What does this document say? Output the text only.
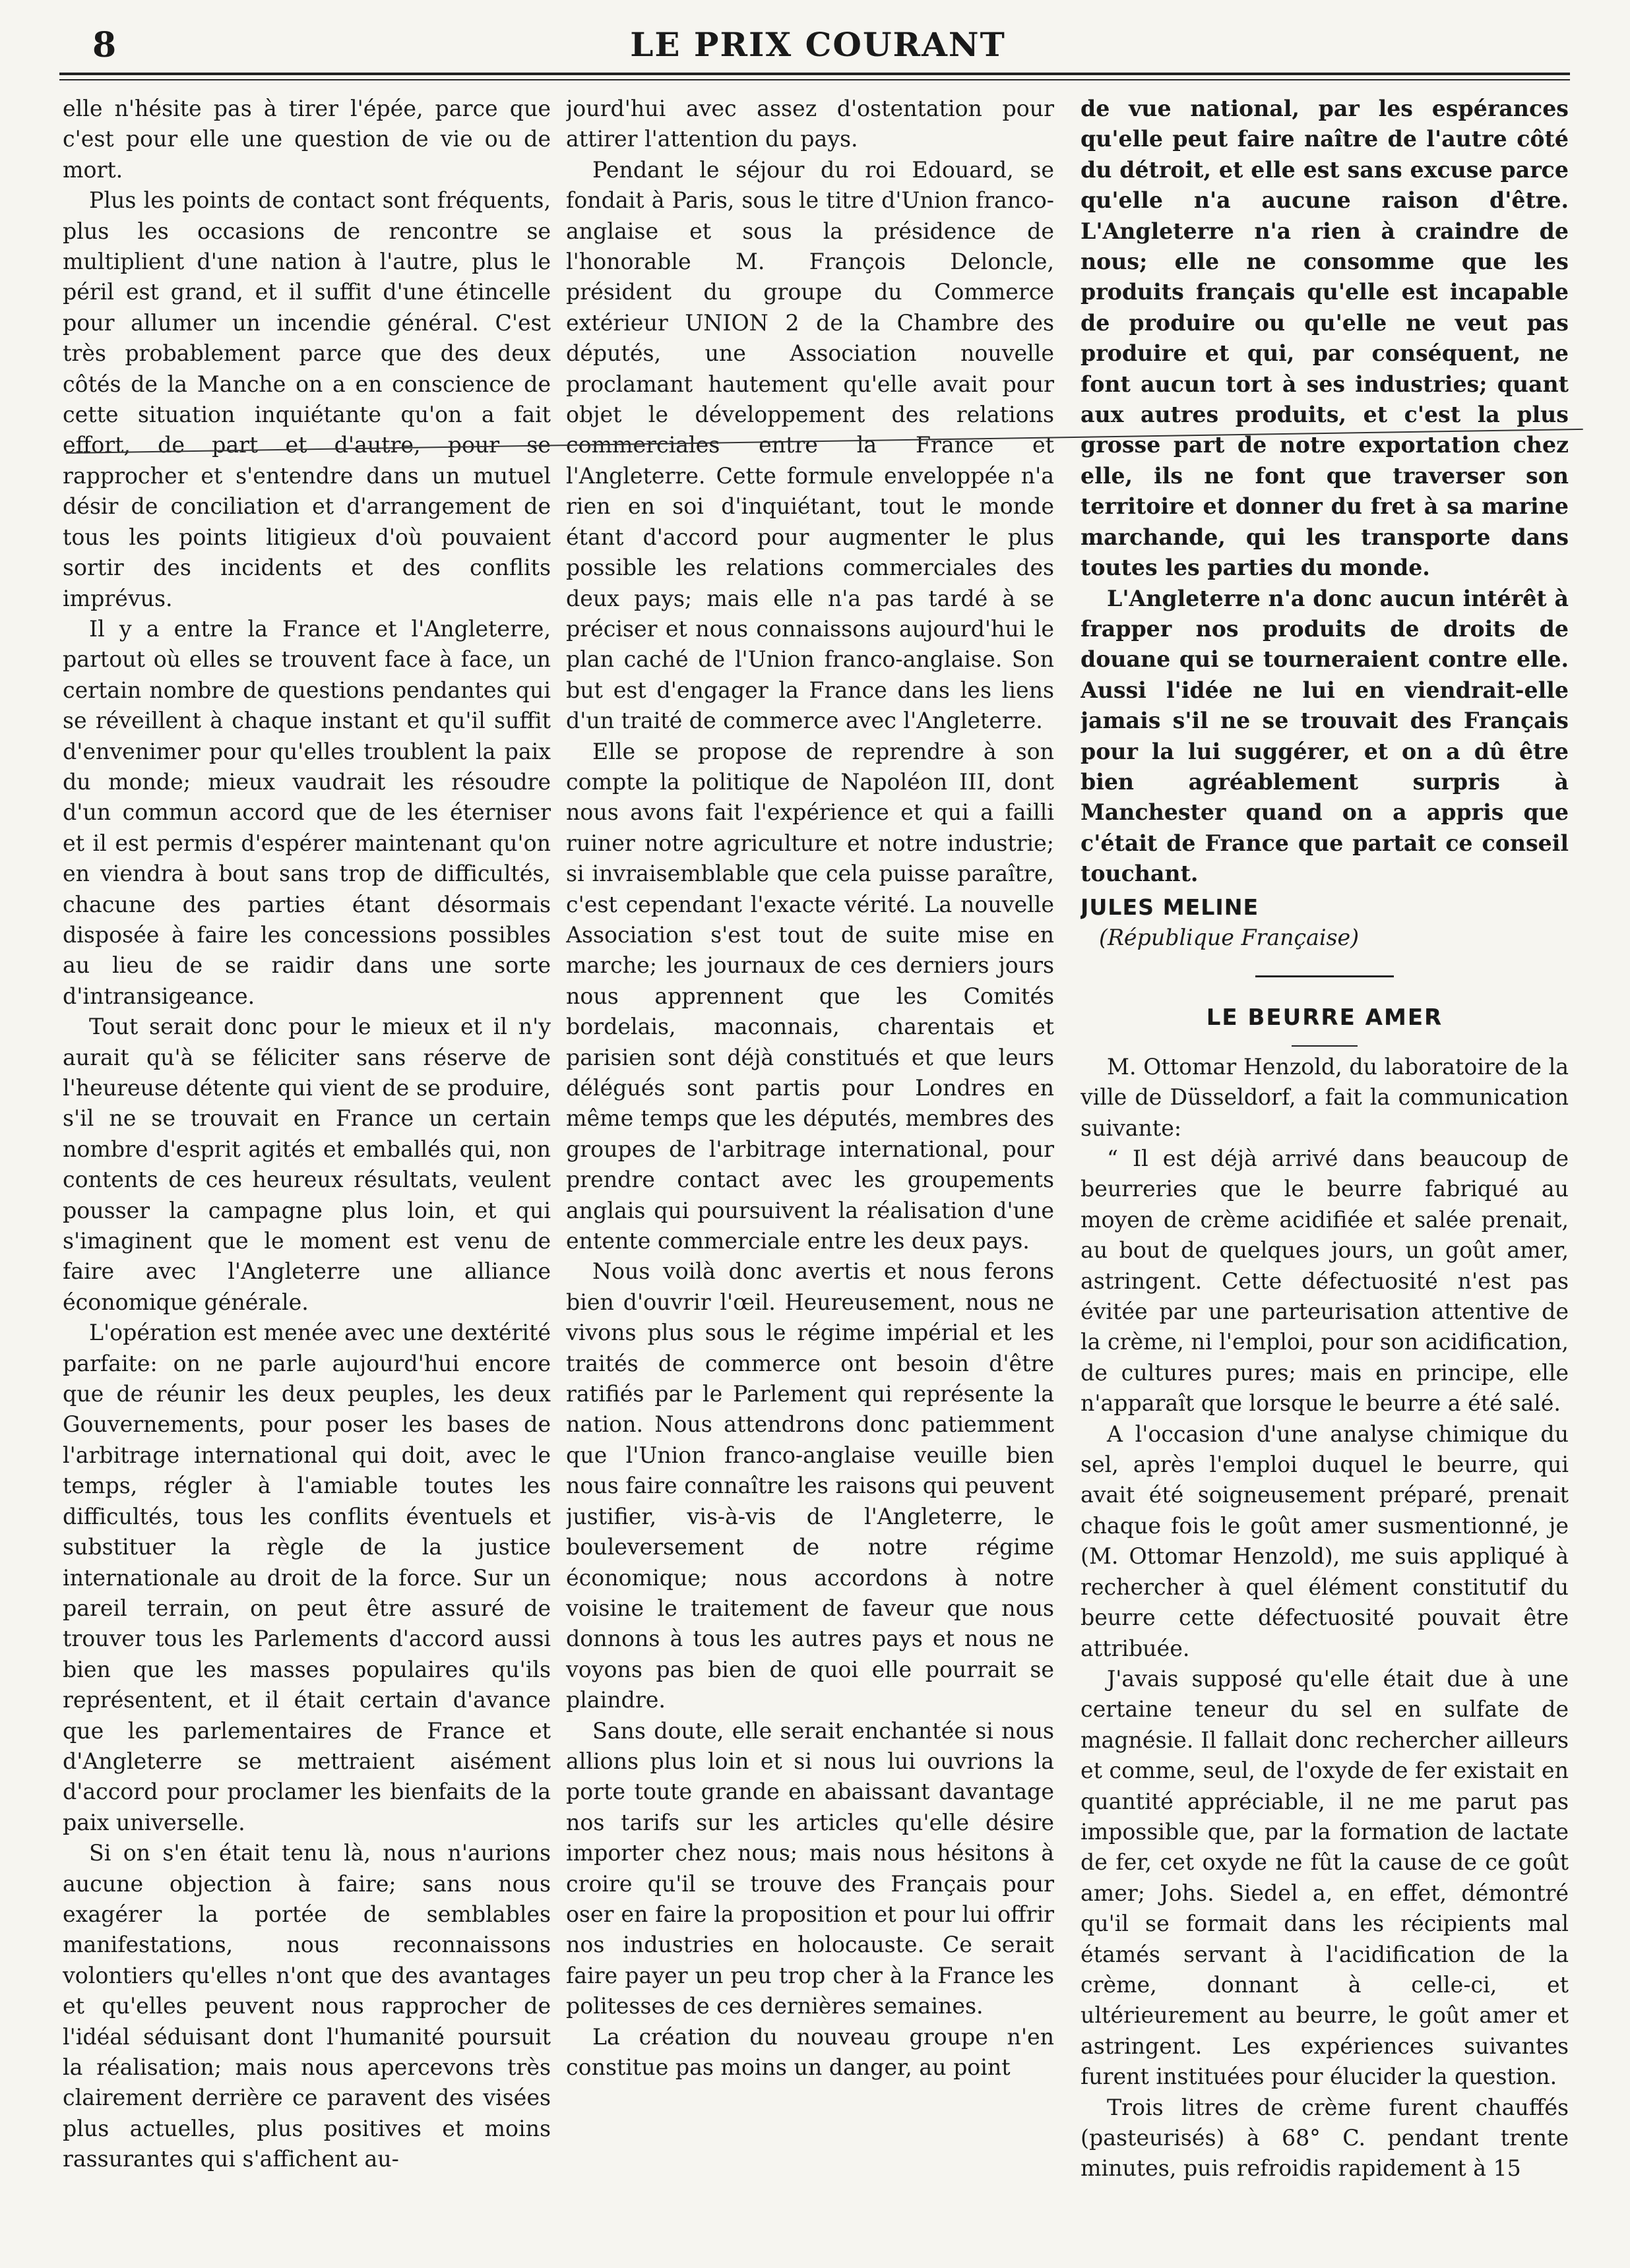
8	LE PRIX COURANT

elle n'hésite pas à tirer l'épée, parce que c'est pour elle une question de vie ou de mort.

Plus les points de contact sont fréquents, plus les occasions de rencontre se multiplient d'une nation à l'autre, plus le péril est grand, et il suffit d'une étincelle pour allumer un incendie général. C'est très probablement parce que des deux côtés de la Manche on a en conscience de cette situation inquiétante qu'on a fait effort, de part et d'autre, pour se rapprocher et s'entendre dans un mutuel désir de conciliation et d'arrangement de tous les points litigieux d'où pouvaient sortir des incidents et des conflits imprévus.

Il y a entre la France et l'Angleterre, partout où elles se trouvent face à face, un certain nombre de questions pendantes qui se réveillent à chaque instant et qu'il suffit d'envenimer pour qu'elles troublent la paix du monde; mieux vaudrait les résoudre d'un commun accord que de les éterniser et il est permis d'espérer maintenant qu'on en viendra à bout sans trop de difficultés, chacune des parties étant désormais disposée à faire les concessions possibles au lieu de se raidir dans une sorte d'intransigeance.

Tout serait donc pour le mieux et il n'y aurait qu'à se féliciter sans réserve de l'heureuse détente qui vient de se produire, s'il ne se trouvait en France un certain nombre d'esprit agités et emballés qui, non contents de ces heureux résultats, veulent pousser la campagne plus loin, et qui s'imaginent que le moment est venu de faire avec l'Angleterre une alliance économique générale.

L'opération est menée avec une dextérité parfaite: on ne parle aujourd'hui encore que de réunir les deux peuples, les deux Gouvernements, pour poser les bases de l'arbitrage international qui doit, avec le temps, régler à l'amiable toutes les difficultés, tous les conflits éventuels et substituer la règle de la justice internationale au droit de la force. Sur un pareil terrain, on peut être assuré de trouver tous les Parlements d'accord aussi bien que les masses populaires qu'ils représentent, et il était certain d'avance que les parlementaires de France et d'Angleterre se mettraient aisément d'accord pour proclamer les bienfaits de la paix universelle.

Si on s'en était tenu là, nous n'aurions aucune objection à faire; sans nous exagérer la portée de semblables manifestations, nous reconnaissons volontiers qu'elles n'ont que des avantages et qu'elles peuvent nous rapprocher de l'idéal séduisant dont l'humanité poursuit la réalisation; mais nous apercevons très clairement derrière ce paravent des visées plus actuelles, plus positives et moins rassurantes qui s'affichent au-

jourd'hui avec assez d'ostentation pour attirer l'attention du pays.

Pendant le séjour du roi Edouard, se fondait à Paris, sous le titre d'Union franco-anglaise et sous la présidence de l'honorable M. François Deloncle, président du groupe du Commerce extérieur UNION 2 de la Chambre des députés, une Association nouvelle proclamant hautement qu'elle avait pour objet le développement des relations commerciales entre la France et l'Angleterre. Cette formule enveloppée n'a rien en soi d'inquiétant, tout le monde étant d'accord pour augmenter le plus possible les relations commerciales des deux pays; mais elle n'a pas tardé à se préciser et nous connaissons aujourd'hui le plan caché de l'Union franco-anglaise. Son but est d'engager la France dans les liens d'un traité de commerce avec l'Angleterre.

Elle se propose de reprendre à son compte la politique de Napoléon III, dont nous avons fait l'expérience et qui a failli ruiner notre agriculture et notre industrie; si invraisemblable que cela puisse paraître, c'est cependant l'exacte vérité. La nouvelle Association s'est tout de suite mise en marche; les journaux de ces derniers jours nous apprennent que les Comités bordelais, maconnais, charentais et parisien sont déjà constitués et que leurs délégués sont partis pour Londres en même temps que les députés, membres des groupes de l'arbitrage international, pour prendre contact avec les groupements anglais qui poursuivent la réalisation d'une entente commerciale entre les deux pays.

Nous voilà donc avertis et nous ferons bien d'ouvrir l'œil. Heureusement, nous ne vivons plus sous le régime impérial et les traités de commerce ont besoin d'être ratifiés par le Parlement qui représente la nation. Nous attendrons donc patiemment que l'Union franco-anglaise veuille bien nous faire connaître les raisons qui peuvent justifier, vis-à-vis de l'Angleterre, le bouleversement de notre régime économique; nous accordons à notre voisine le traitement de faveur que nous donnons à tous les autres pays et nous ne voyons pas bien de quoi elle pourrait se plaindre.

Sans doute, elle serait enchantée si nous allions plus loin et si nous lui ouvrions la porte toute grande en abaissant davantage nos tarifs sur les articles qu'elle désire importer chez nous; mais nous hésitons à croire qu'il se trouve des Français pour oser en faire la proposition et pour lui offrir nos industries en holocauste. Ce serait faire payer un peu trop cher à la France les politesses de ces dernières semaines.

La création du nouveau groupe n'en constitue pas moins un danger, au point

de vue national, par les espérances qu'elle peut faire naître de l'autre côté du détroit, et elle est sans excuse parce qu'elle n'a aucune raison d'être. L'Angleterre n'a rien à craindre de nous; elle ne consomme que les produits français qu'elle est incapable de produire ou qu'elle ne veut pas produire et qui, par conséquent, ne font aucun tort à ses industries; quant aux autres produits, et c'est la plus grosse part de notre exportation chez elle, ils ne font que traverser son territoire et donner du fret à sa marine marchande, qui les transporte dans toutes les parties du monde.

L'Angleterre n'a donc aucun intérêt à frapper nos produits de droits de douane qui se tourneraient contre elle. Aussi l'idée ne lui en viendrait-elle jamais s'il ne se trouvait des Français pour la lui suggérer, et on a dû être bien agréablement surpris à Manchester quand on a appris que c'était de France que partait ce conseil touchant.

JULES MELINE

(République Française)

LE BEURRE AMER

M. Ottomar Henzold, du laboratoire de la ville de Düsseldorf, a fait la communication suivante:

“ Il est déjà arrivé dans beaucoup de beurreries que le beurre fabriqué au moyen de crème acidifiée et salée prenait, au bout de quelques jours, un goût amer, astringent. Cette défectuosité n'est pas évitée par une parteurisation attentive de la crème, ni l'emploi, pour son acidification, de cultures pures; mais en principe, elle n'apparaît que lorsque le beurre a été salé.

A l'occasion d'une analyse chimique du sel, après l'emploi duquel le beurre, qui avait été soigneusement préparé, prenait chaque fois le goût amer susmentionné, je (M. Ottomar Henzold), me suis appliqué à rechercher à quel élément constitutif du beurre cette défectuosité pouvait être attribuée.

J'avais supposé qu'elle était due à une certaine teneur du sel en sulfate de magnésie. Il fallait donc rechercher ailleurs et comme, seul, de l'oxyde de fer existait en quantité appréciable, il ne me parut pas impossible que, par la formation de lactate de fer, cet oxyde ne fût la cause de ce goût amer; Johs. Siedel a, en effet, démontré qu'il se formait dans les récipients mal étamés servant à l'acidification de la crème, donnant à celle-ci, et ultérieurement au beurre, le goût amer et astringent. Les expériences suivantes furent instituées pour élucider la question.

Trois litres de crème furent chauffés (pasteurisés) à 68° C. pendant trente minutes, puis refroidis rapidement à 15
